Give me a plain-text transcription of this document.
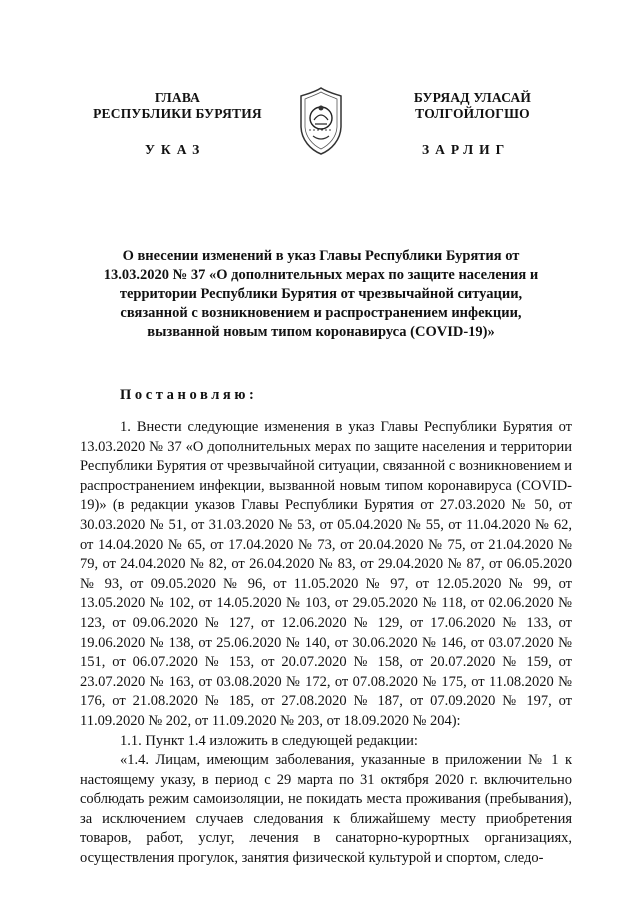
ГЛАВА
РЕСПУБЛИКИ БУРЯТИЯ
БУРЯАД УЛАСАЙ
ТОЛГОЙЛОГШО
УКАЗ	ЗАРЛИГ
О внесении изменений в указ Главы Республики Бурятия от 13.03.2020 № 37 «О дополнительных мерах по защите населения и территории Республики Бурятия от чрезвычайной ситуации, связанной с возникновением и распространением инфекции, вызванной новым типом коронавируса (COVID-19)»
Постановляю:

1. Внести следующие изменения в указ Главы Республики Бурятия от 13.03.2020 № 37 «О дополнительных мерах по защите населения и территории Республики Бурятия от чрезвычайной ситуации, связанной с возникновением и распространением инфекции, вызванной новым типом коронавируса (COVID-19)» (в редакции указов Главы Республики Бурятия от 27.03.2020 № 50, от 30.03.2020 № 51, от 31.03.2020 № 53, от 05.04.2020 № 55, от 11.04.2020 № 62, от 14.04.2020 № 65, от 17.04.2020 № 73, от 20.04.2020 № 75, от 21.04.2020 № 79, от 24.04.2020 № 82, от 26.04.2020 № 83, от 29.04.2020 № 87, от 06.05.2020 № 93, от 09.05.2020 № 96, от 11.05.2020 № 97, от 12.05.2020 № 99, от 13.05.2020 № 102, от 14.05.2020 № 103, от 29.05.2020 № 118, от 02.06.2020 № 123, от 09.06.2020 № 127, от 12.06.2020 № 129, от 17.06.2020 № 133, от 19.06.2020 № 138, от 25.06.2020 № 140, от 30.06.2020 № 146, от 03.07.2020 № 151, от 06.07.2020 № 153, от 20.07.2020 № 158, от 20.07.2020 № 159, от 23.07.2020 № 163, от 03.08.2020 № 172, от 07.08.2020 № 175, от 11.08.2020 № 176, от 21.08.2020 № 185, от 27.08.2020 № 187, от 07.09.2020 № 197, от 11.09.2020 № 202, от 11.09.2020 № 203, от 18.09.2020 № 204):

1.1. Пункт 1.4 изложить в следующей редакции:

«1.4. Лицам, имеющим заболевания, указанные в приложении № 1 к настоящему указу, в период с 29 марта по 31 октября 2020 г. включительно соблюдать режим самоизоляции, не покидать места проживания (пребывания), за исключением случаев следования к ближайшему месту приобретения товаров, работ, услуг, лечения в санаторно-курортных организациях, осуществления прогулок, занятия физической культурой и спортом, следо-
